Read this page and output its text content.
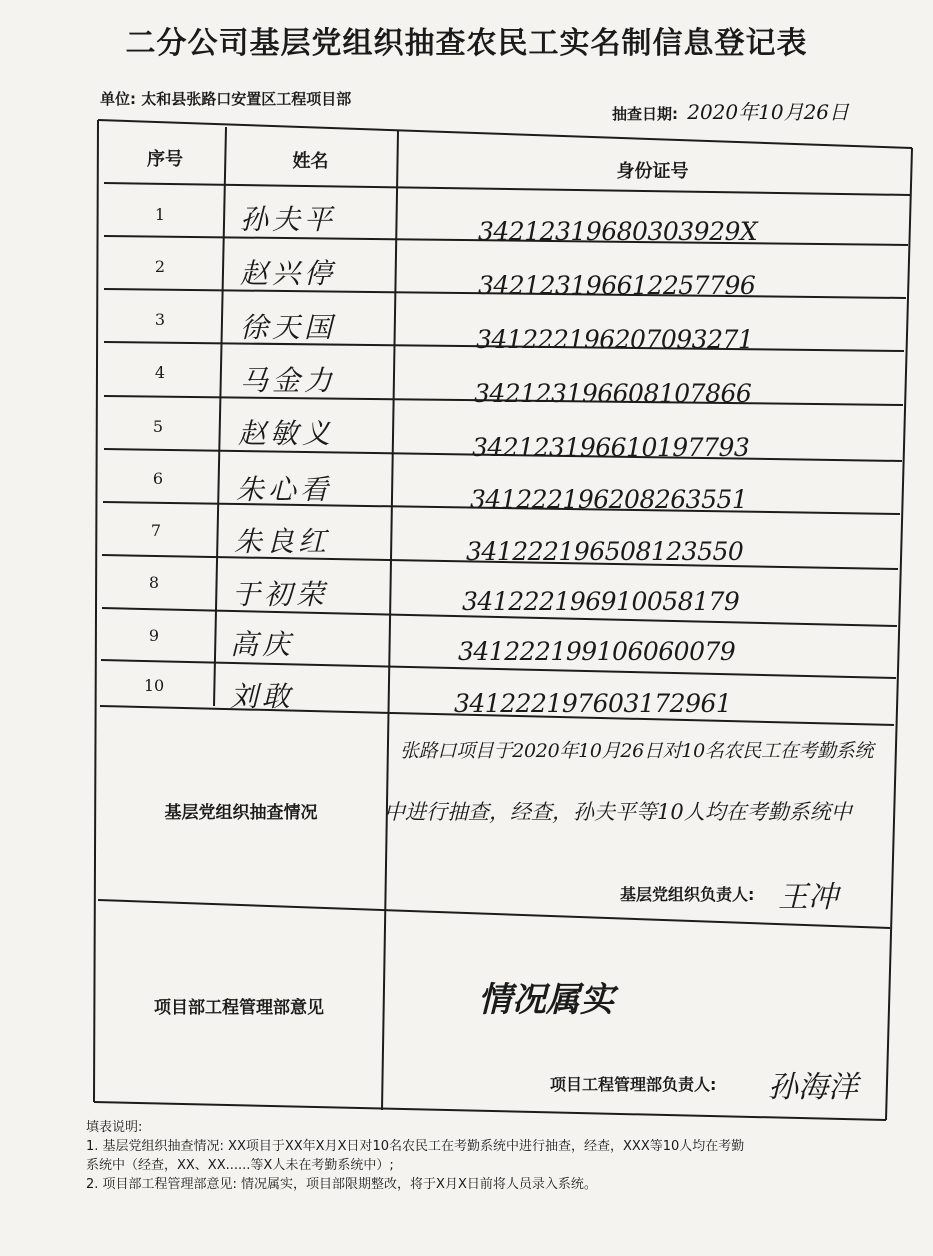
二分公司基层党组织抽查农民工实名制信息登记表
单位: 太和县张路口安置区工程项目部
抽查日期: 2020年10月26日
序号	姓名	身份证号
1	孙夫平	34212319680303929X
2	赵兴停	342123196612257796
3	徐天国	341222196207093271
4	马金力	342123196608107866
5	赵敏义	342123196610197793
6	朱心看	341222196208263551
7	朱良红	341222196508123550
8	于初荣	341222196910058179
9	高庆	341222199106060079
10	刘敢	341222197603172961
基层党组织抽查情况
张路口项目于2020年10月26日对10名农民工在考勤系统
中进行抽查，经查，孙夫平等10人均在考勤系统中
基层党组织负责人: 王冲
项目部工程管理部意见	情况属实
项目工程管理部负责人: 孙海洋

填表说明:

1. 基层党组织抽查情况: XX项目于XX年X月X日对10名农民工在考勤系统中进行抽查，经查，XXX等10人均在考勤

系统中（经查，XX、XX......等X人未在考勤系统中）;

2. 项目部工程管理部意见: 情况属实，项目部限期整改，将于X月X日前将人员录入系统。
